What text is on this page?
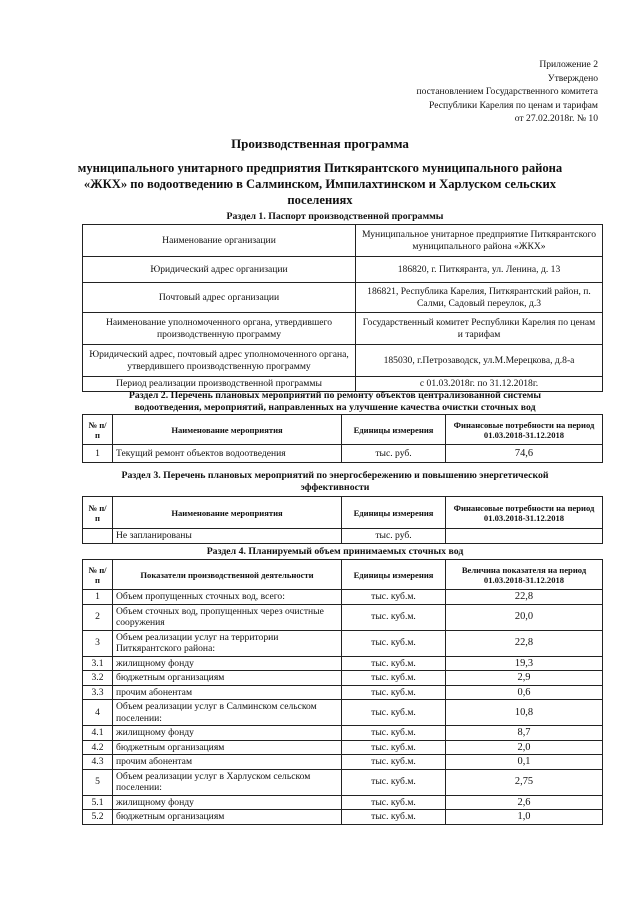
Приложение 2
Утверждено
постановлением Государственного комитета
Республики Карелия по ценам и тарифам
от 27.02.2018г. № 10
Производственная программа
муниципального унитарного предприятия Питкярантского муниципального района
«ЖКХ» по водоотведению в Салминском, Импилахтинском и Харлуском сельских
поселениях
Раздел 1. Паспорт производственной программы
Наименование организации	Муниципальное унитарное предприятие Питкярантского муниципального района «ЖКХ»
Юридический адрес организации	186820, г. Питкяранта, ул. Ленина, д. 13
Почтовый адрес организации	186821, Республика Карелия, Питкярантский район, п. Салми, Садовый переулок, д.3
Наименование уполномоченного органа, утвердившего производственную программу	Государственный комитет Республики Карелия по ценам и тарифам
Юридический адрес, почтовый адрес уполномоченного органа, утвердившего производственную программу	185030, г.Петрозаводск, ул.М.Мерецкова, д.8-а
Период реализации производственной программы	с 01.03.2018г. по 31.12.2018г.
Раздел 2. Перечень плановых мероприятий по ремонту объектов централизованной системы
водоотведения, мероприятий, направленных на улучшение качества очистки сточных вод
№ п/п	Наименование мероприятия	Единицы измерения	Финансовые потребности на период 01.03.2018-31.12.2018
1	Текущий ремонт объектов водоотведения	тыс. руб.	74,6
Раздел 3. Перечень плановых мероприятий по энергосбережению и повышению энергетической
эффективности
№ п/п	Наименование мероприятия	Единицы измерения	Финансовые потребности на период 01.03.2018-31.12.2018
	Не запланированы	тыс. руб.	
Раздел 4. Планируемый объем принимаемых сточных вод
№ п/п	Показатели производственной деятельности	Единицы измерения	Величина показателя на период 01.03.2018-31.12.2018
1	Объем пропущенных сточных вод, всего:	тыс. куб.м.	22,8
2	Объем сточных вод, пропущенных через очистные сооружения	тыс. куб.м.	20,0
3	Объем реализации услуг на территории Питкярантского района:	тыс. куб.м.	22,8
3.1	жилищному фонду	тыс. куб.м.	19,3
3.2	бюджетным организациям	тыс. куб.м.	2,9
3.3	прочим абонентам	тыс. куб.м.	0,6
4	Объем реализации услуг в Салминском сельском поселении:	тыс. куб.м.	10,8
4.1	жилищному фонду	тыс. куб.м.	8,7
4.2	бюджетным организациям	тыс. куб.м.	2,0
4.3	прочим абонентам	тыс. куб.м.	0,1
5	Объем реализации услуг в Харлуском сельском поселении:	тыс. куб.м.	2,75
5.1	жилищному фонду	тыс. куб.м.	2,6
5.2	бюджетным организациям	тыс. куб.м.	1,0
